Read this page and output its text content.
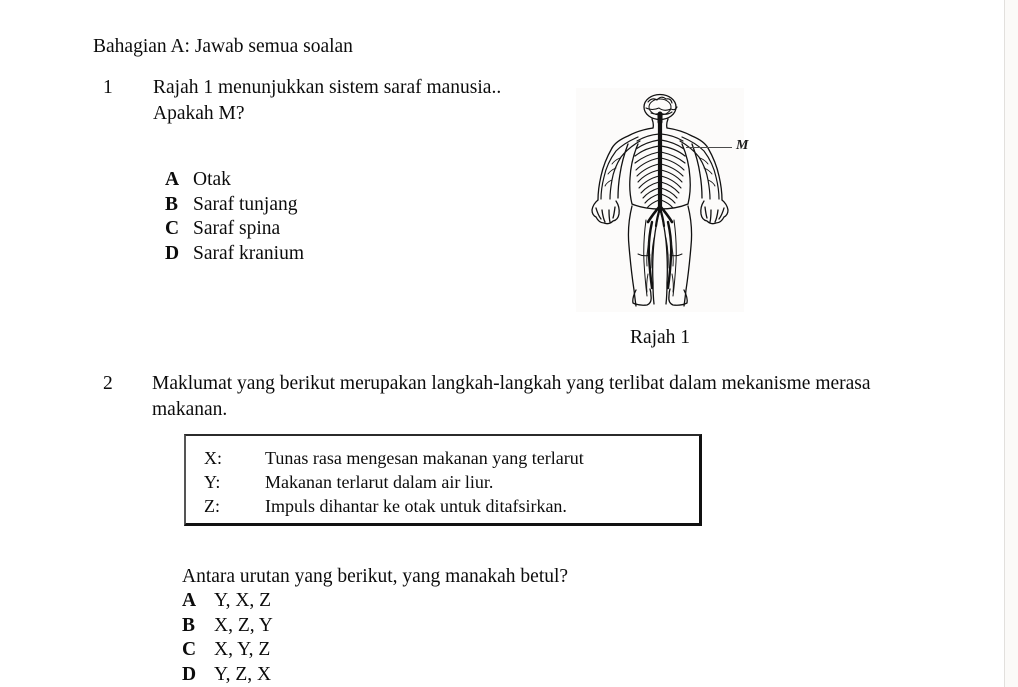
Bahagian A: Jawab semua soalan
1 Rajah 1 menunjukkan sistem saraf manusia..
Apakah M?
A Otak
B Saraf tunjang
C Saraf spina
D Saraf kranium
M
Rajah 1
2 Maklumat yang berikut merupakan langkah-langkah yang terlibat dalam mekanisme merasa makanan.
X:	Tunas rasa mengesan makanan yang terlarut
Y:	Makanan terlarut dalam air liur.
Z:	Impuls dihantar ke otak untuk ditafsirkan.
Antara urutan yang berikut, yang manakah betul?
A Y, X, Z
B X, Z, Y
C X, Y, Z
D Y, Z, X
